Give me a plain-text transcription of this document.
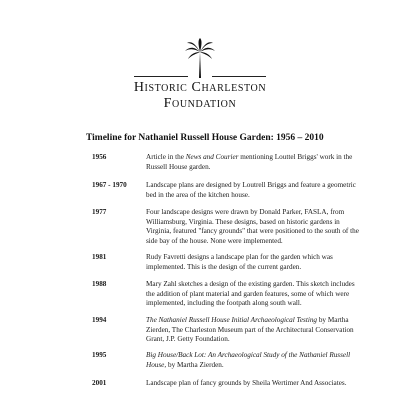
Historic Charleston
Foundation
Timeline for Nathaniel Russell House Garden: 1956 – 2010
1956	Article in the News and Courier mentioning Louttel Briggs' work in the Russell House garden.
1967 - 1970	Landscape plans are designed by Loutrell Briggs and feature a geometric bed in the area of the kitchen house.
1977	Four landscape designs were drawn by Donald Parker, FASLA, from Williamsburg, Virginia. These designs, based on historic gardens in Virginia, featured "fancy grounds" that were positioned to the south of the side bay of the house. None were implemented.
1981	Rudy Favretti designs a landscape plan for the garden which was implemented. This is the design of the current garden.
1988	Mary Zahl sketches a design of the existing garden. This sketch includes the addition of plant material and garden features, some of which were implemented, including the footpath along south wall.
1994	The Nathaniel Russell House Initial Archaeological Testing by Martha Zierden, The Charleston Museum part of the Architectural Conservation Grant, J.P. Getty Foundation.
1995	Big House/Back Lot: An Archaeological Study of the Nathaniel Russell House, by Martha Zierden.
2001	Landscape plan of fancy grounds by Sheila Wertimer And Associates.
